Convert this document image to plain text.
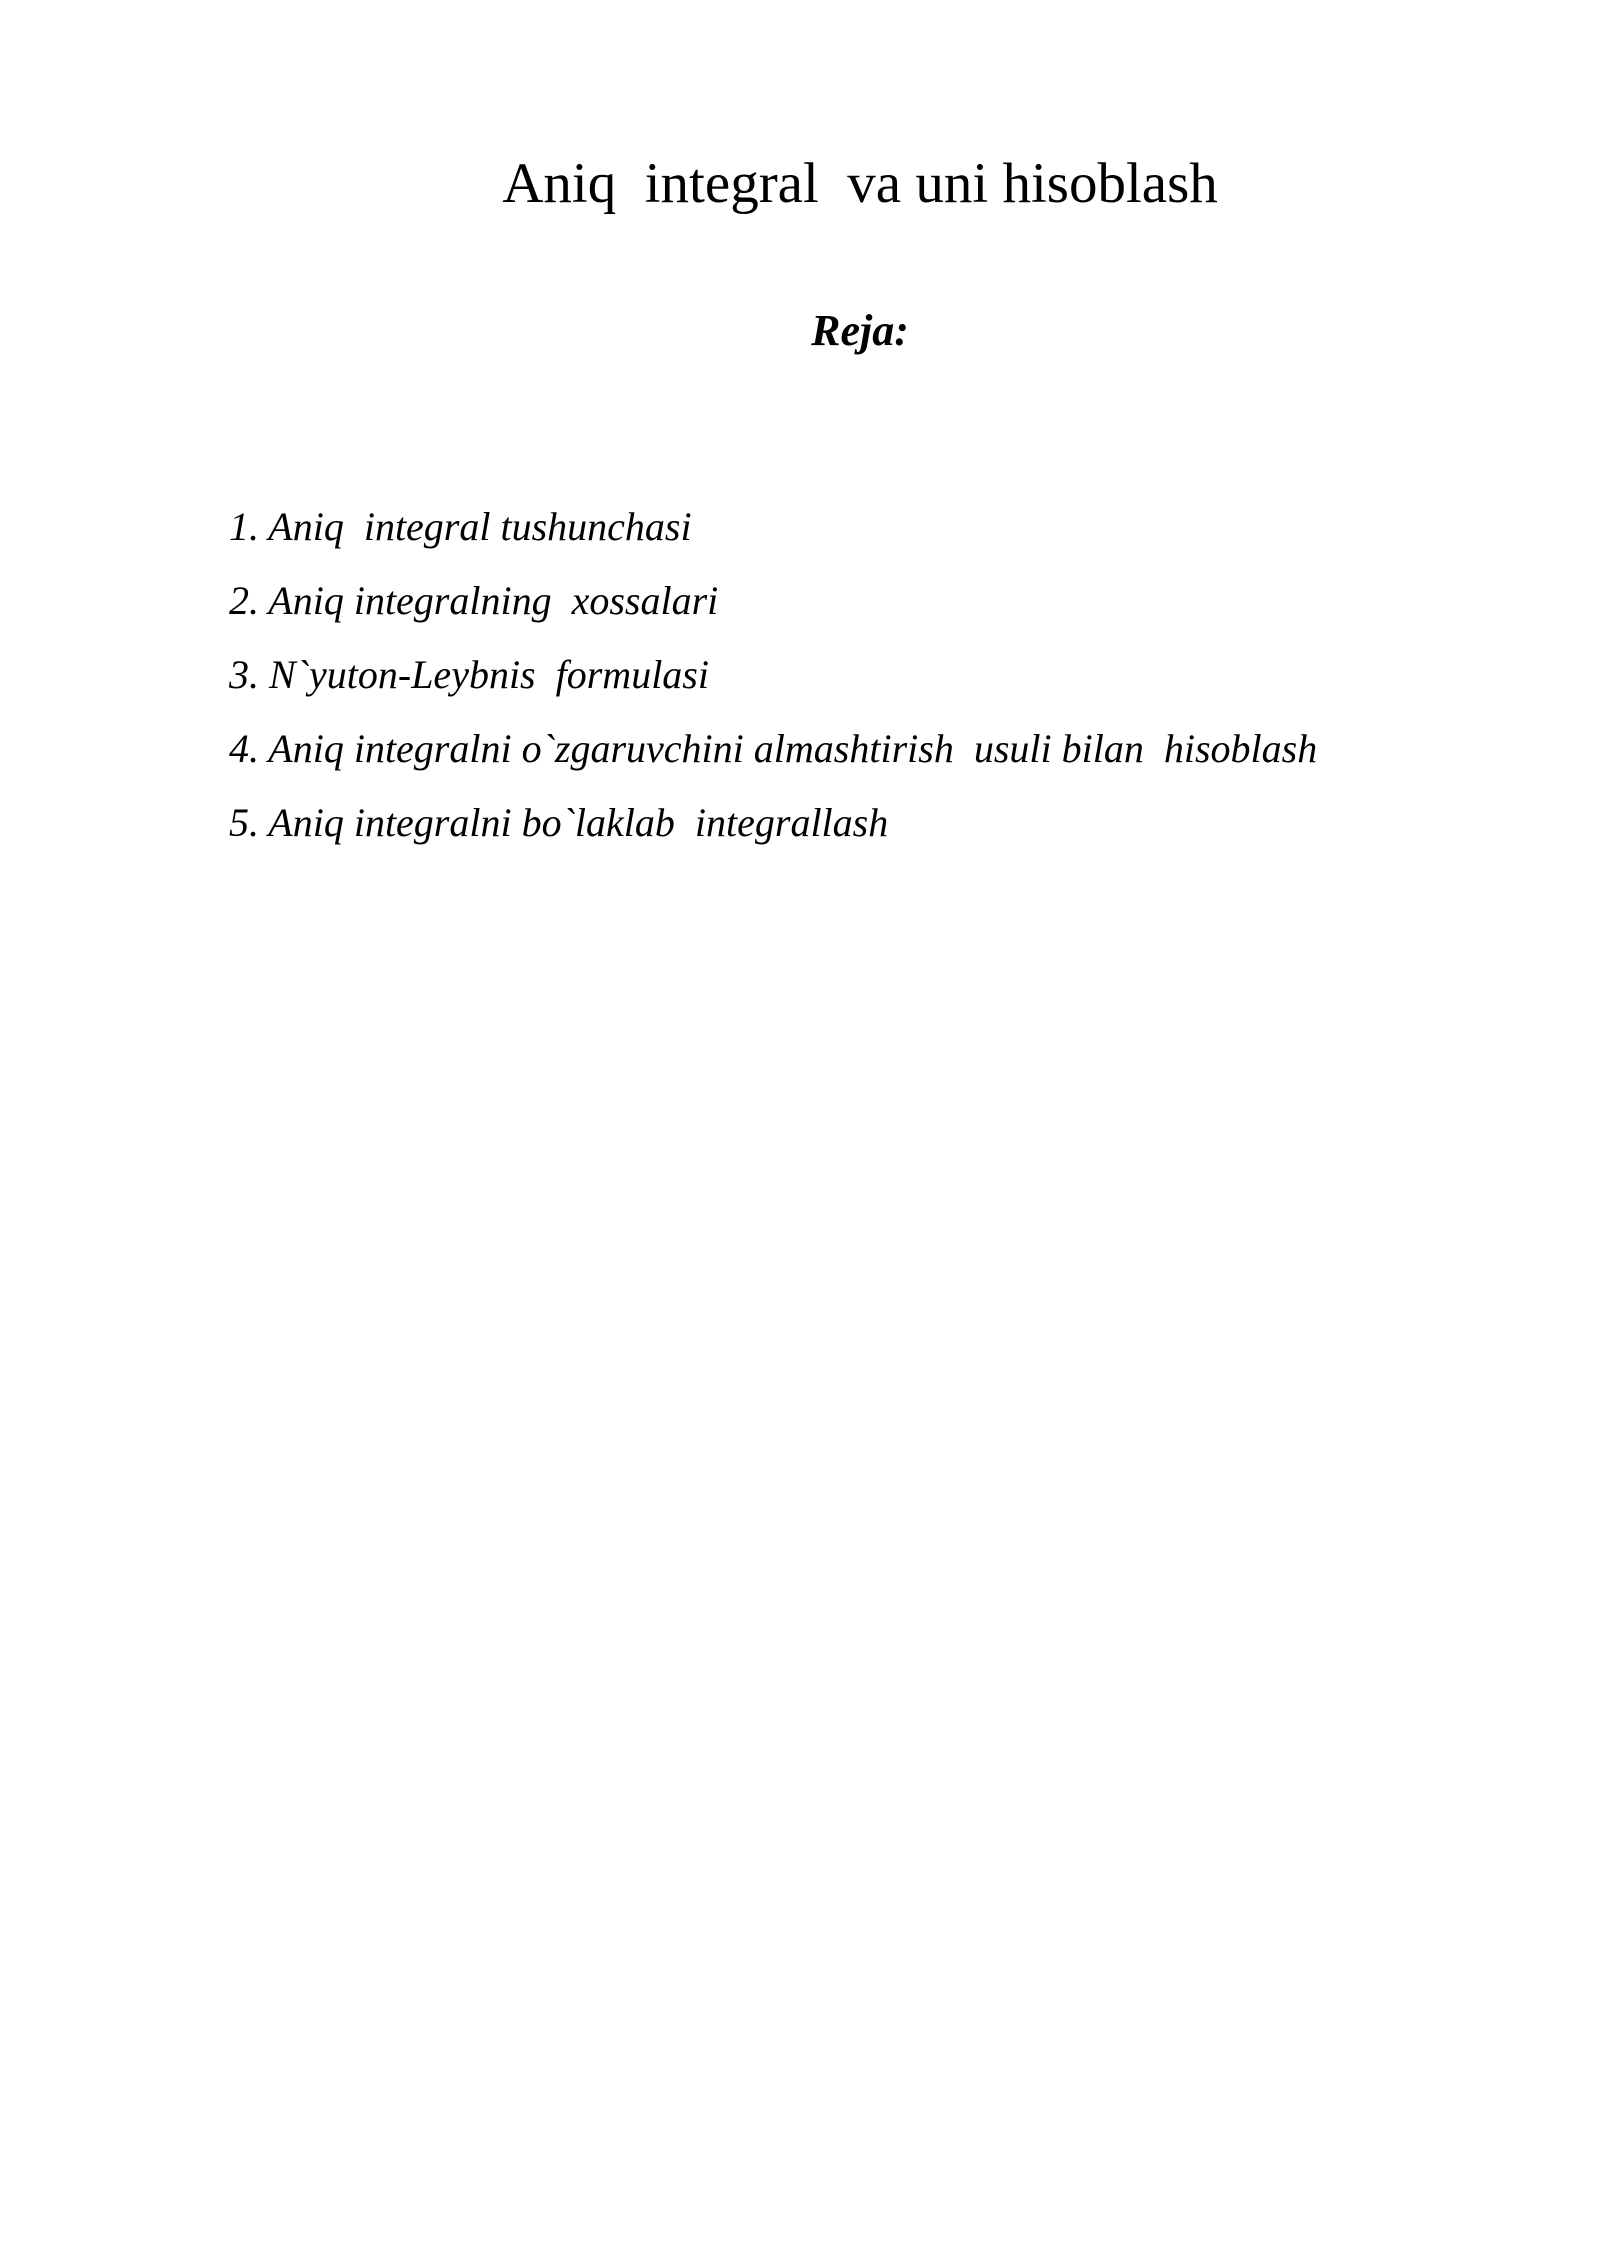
Aniq  integral  va uni hisoblash
Reja:
1. Aniq  integral tushunchasi
2. Aniq integralning  xossalari
3. N`yuton-Leybnis  formulasi
4. Aniq integralni o`zgaruvchini almashtirish  usuli bilan  hisoblash
5. Aniq integralni bo`laklab  integrallash
